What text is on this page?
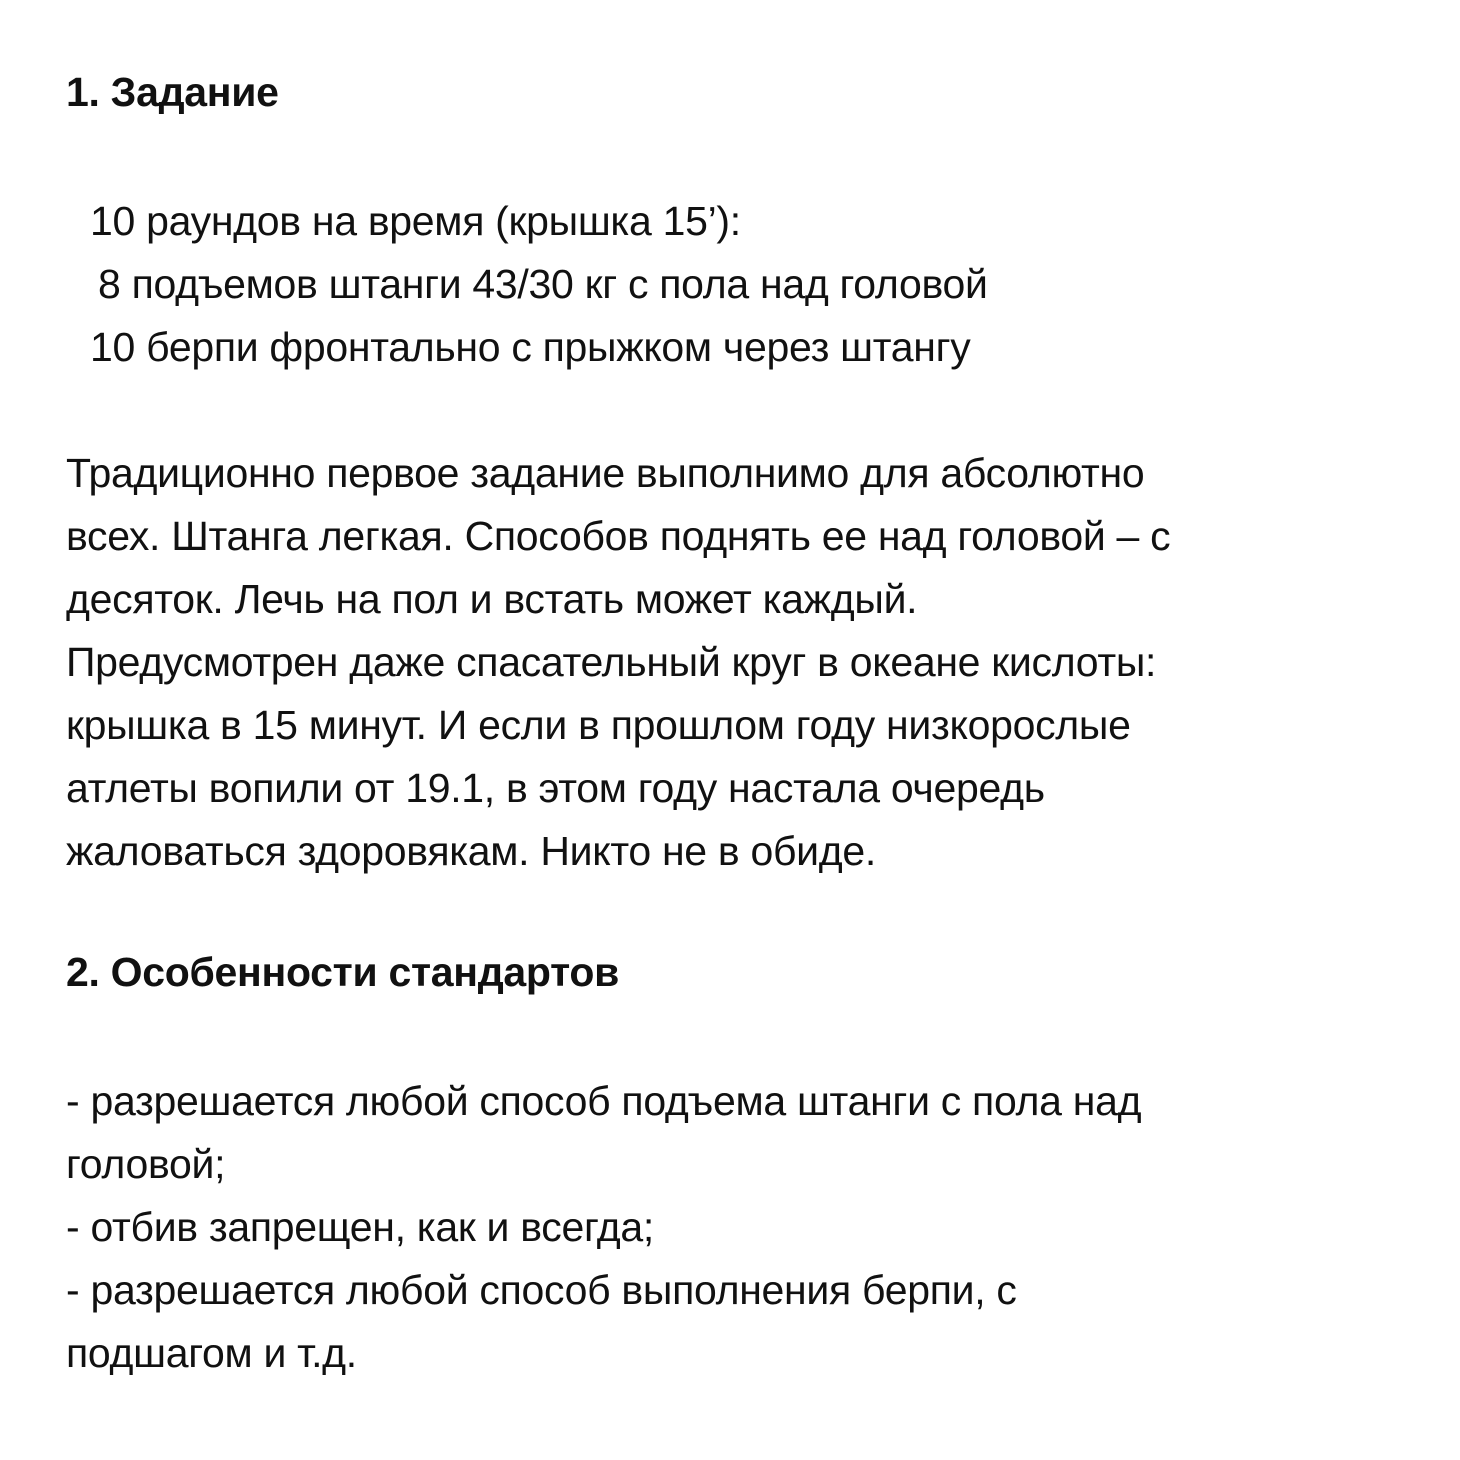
1. Задание
10 раундов на время (крышка 15’):
8 подъемов штанги 43/30 кг с пола над головой
10 берпи фронтально с прыжком через штангу

Традиционно первое задание выполнимо для абсолютно
всех. Штанга легкая. Способов поднять ее над головой – с
десяток. Лечь на пол и встать может каждый.
Предусмотрен даже спасательный круг в океане кислоты:
крышка в 15 минут. И если в прошлом году низкорослые
атлеты вопили от 19.1, в этом году настала очередь
жаловаться здоровякам. Никто не в обиде.

2. Особенности стандартов
- разрешается любой способ подъема штанги с пола над
головой;
- отбив запрещен, как и всегда;
- разрешается любой способ выполнения берпи, с
подшагом и т.д.
